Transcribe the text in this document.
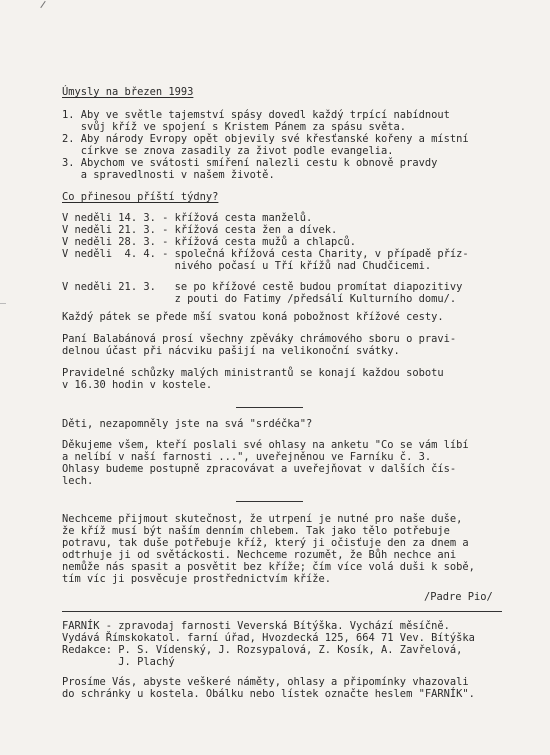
Úmysly na březen 1993
1. Aby ve světle tajemství spásy dovedl každý trpící nabídnout
svůj kříž ve spojení s Kristem Pánem za spásu světa.
2. Aby národy Evropy opět objevily své křesťanské kořeny a místní
církve se znova zasadily za život podle evangelia.
3. Abychom ve svátosti smíření nalezli cestu k obnově pravdy
a spravedlnosti v našem životě.
Co přinesou příští týdny?
V neděli 14. 3. - křížová cesta manželů.
V neděli 21. 3. - křížová cesta žen a dívek.
V neděli 28. 3. - křížová cesta mužů a chlapců.
V neděli  4. 4. - společná křížová cesta Charity, v případě příz-
nivého počasí u Tří křížů nad Chudčicemi.
V neděli 21. 3.   se po křížové cestě budou promítat diapozitivy
z pouti do Fatimy /předsálí Kulturního domu/.
Každý pátek se přede mší svatou koná pobožnost křížové cesty.
Paní Balabánová prosí všechny zpěváky chrámového sboru o pravi-
delnou účast při nácviku pašijí na velikonoční svátky.
Pravidelné schůzky malých ministrantů se konají každou sobotu
v 16.30 hodin v kostele.
Děti, nezapomněly jste na svá "srdéčka"?
Děkujeme všem, kteří poslali své ohlasy na anketu "Co se vám líbí
a nelíbí v naší farnosti ...", uveřejněnou ve Farníku č. 3.
Ohlasy budeme postupně zpracovávat a uveřejňovat v dalších čís-
lech.
Nechceme přijmout skutečnost, že utrpení je nutné pro naše duše,
že kříž musí být naším denním chlebem. Tak jako tělo potřebuje
potravu, tak duše potřebuje kříž, který ji očisťuje den za dnem a
odtrhuje ji od světáckosti. Nechceme rozumět, že Bůh nechce ani
nemůže nás spasit a posvětit bez kříže; čím více volá duši k sobě,
tím víc ji posvěcuje prostřednictvím kříže.
/Padre Pio/
FARNÍK - zpravodaj farnosti Veverská Bítýška. Vychází měsíčně.
Vydává Římskokatol. farní úřad, Hvozdecká 125, 664 71 Vev. Bítýška
Redakce: P. S. Vídenský, J. Rozsypalová, Z. Kosík, A. Zavřelová,
J. Plachý
Prosíme Vás, abyste veškeré náměty, ohlasy a připomínky vhazovali
do schránky u kostela. Obálku nebo lístek označte heslem "FARNÍK".
